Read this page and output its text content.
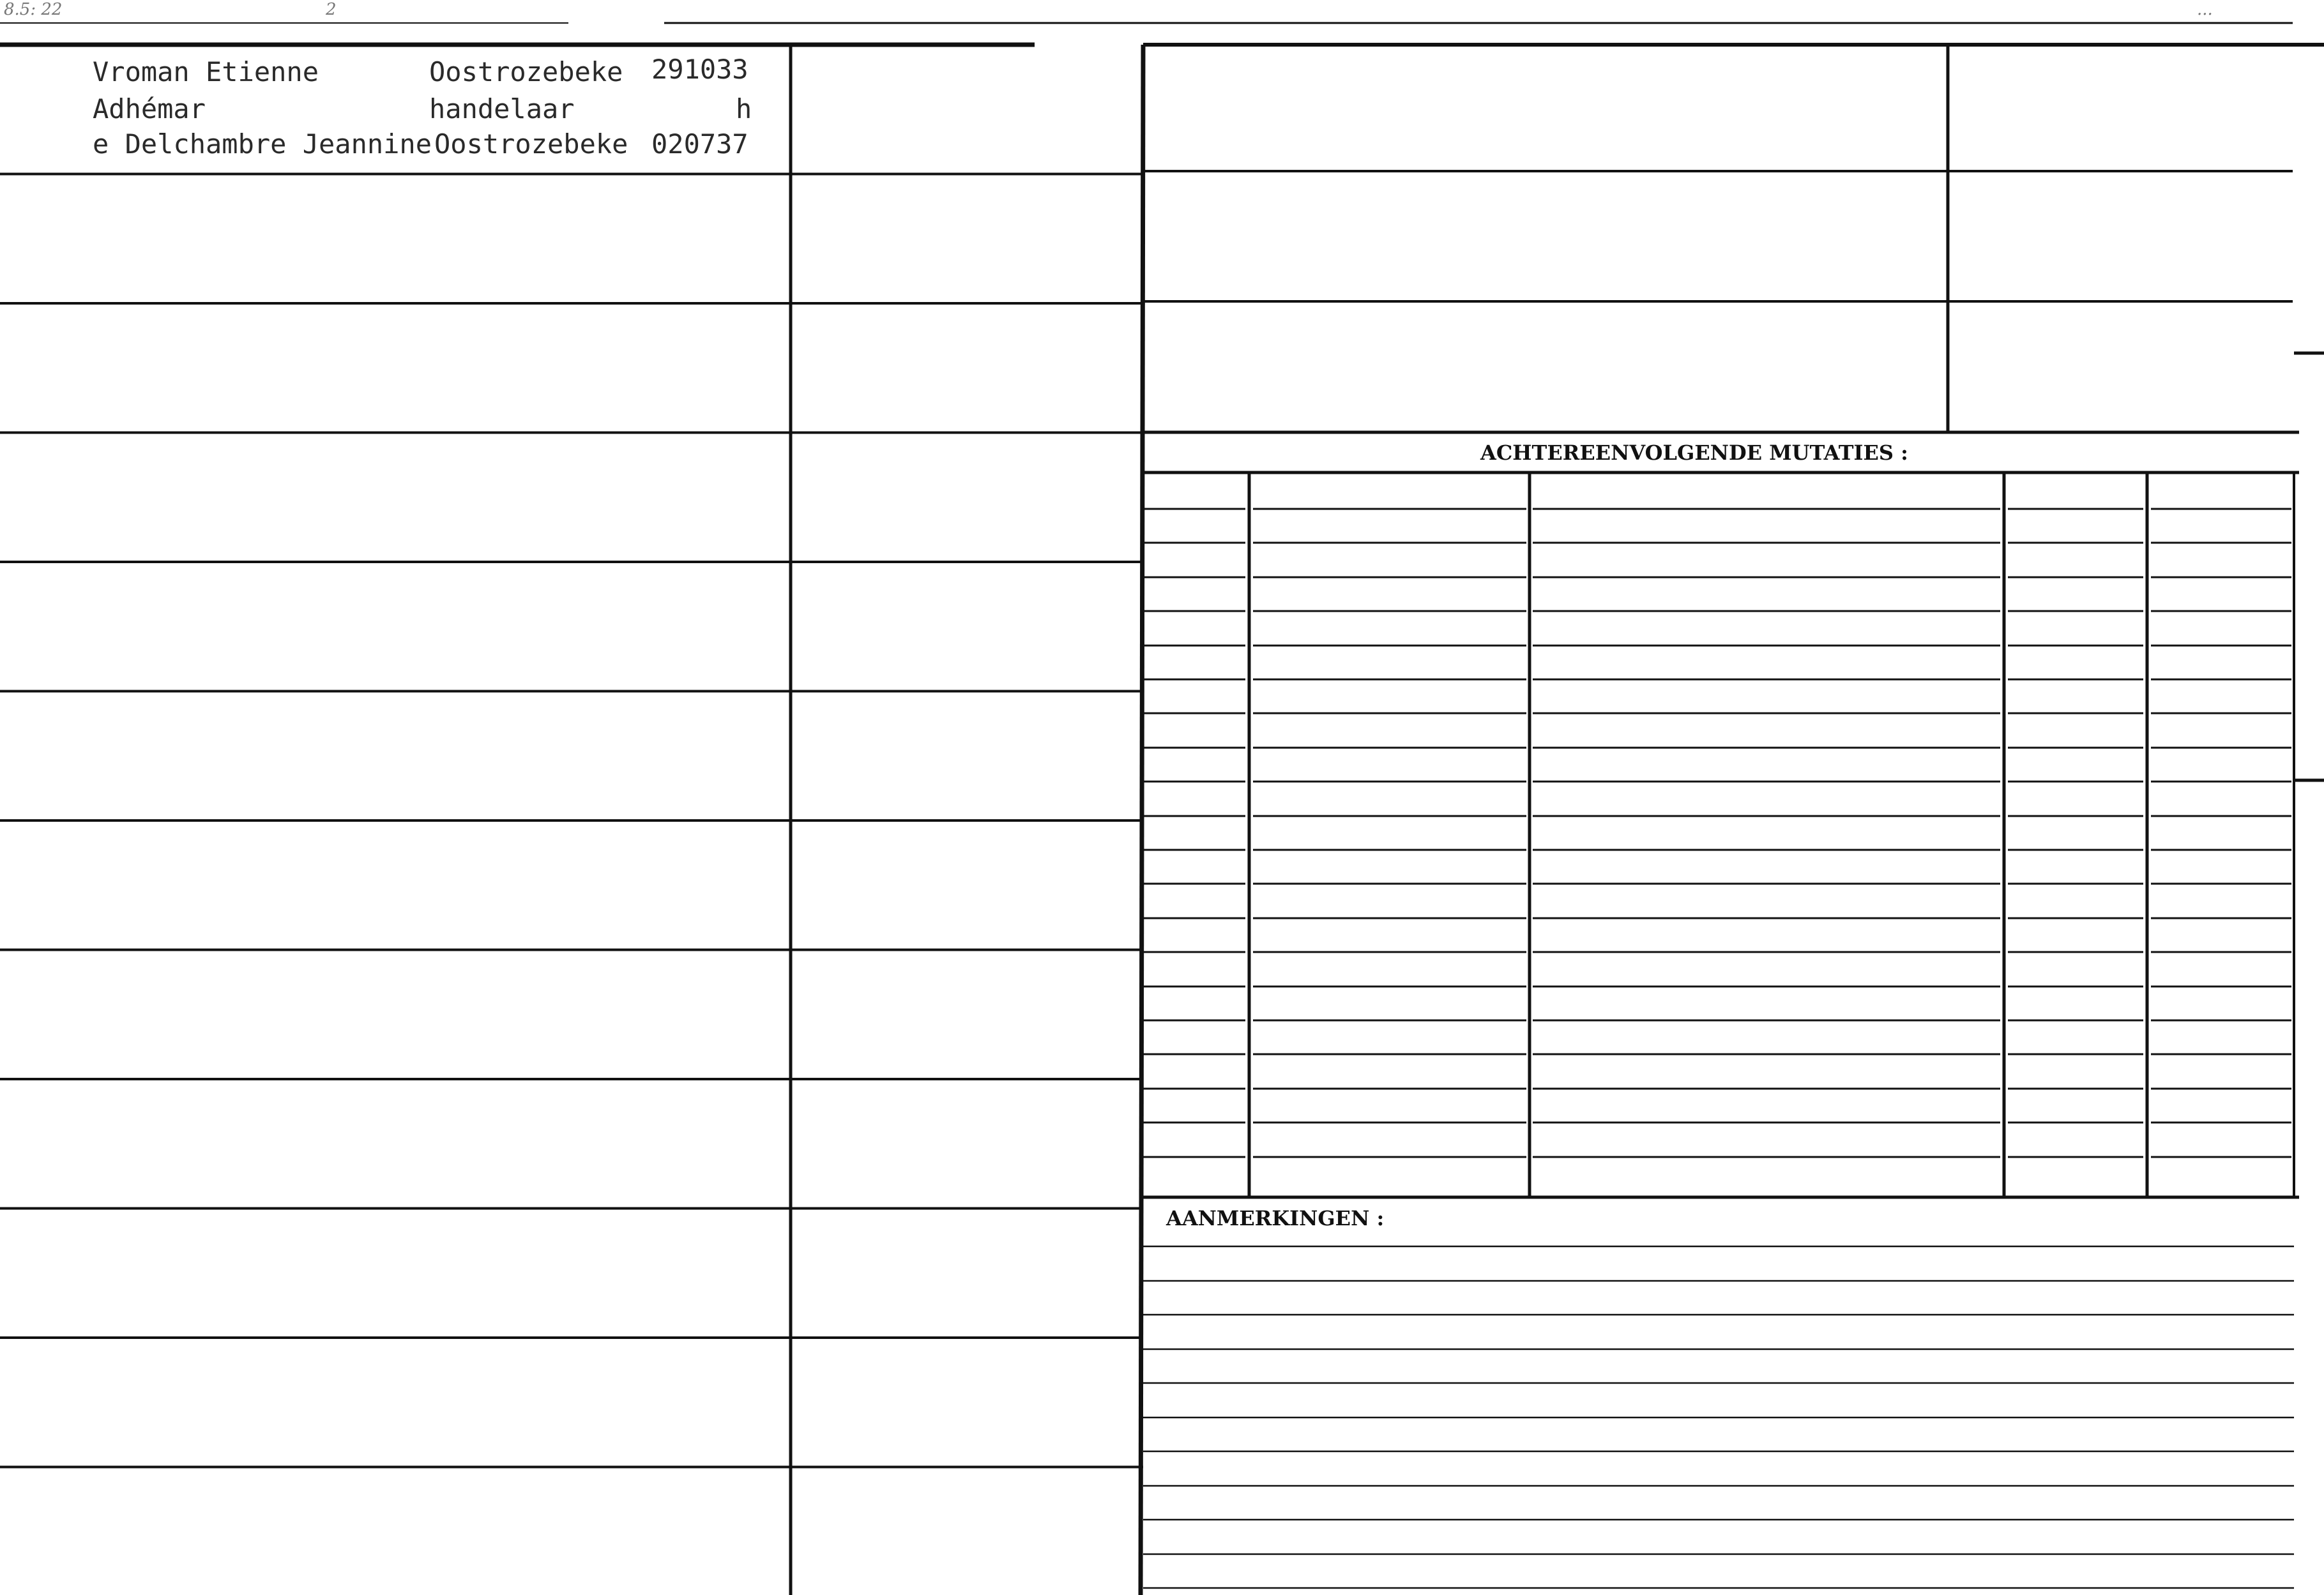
8.5: 22	2	...
Vroman Etienne	Oostrozebeke 291033
Adhémar	handelaar	h
e Delchambre Jeannine Oostrozebeke 020737
ACHTEREENVOLGENDE MUTATIES :
AANMERKINGEN :
